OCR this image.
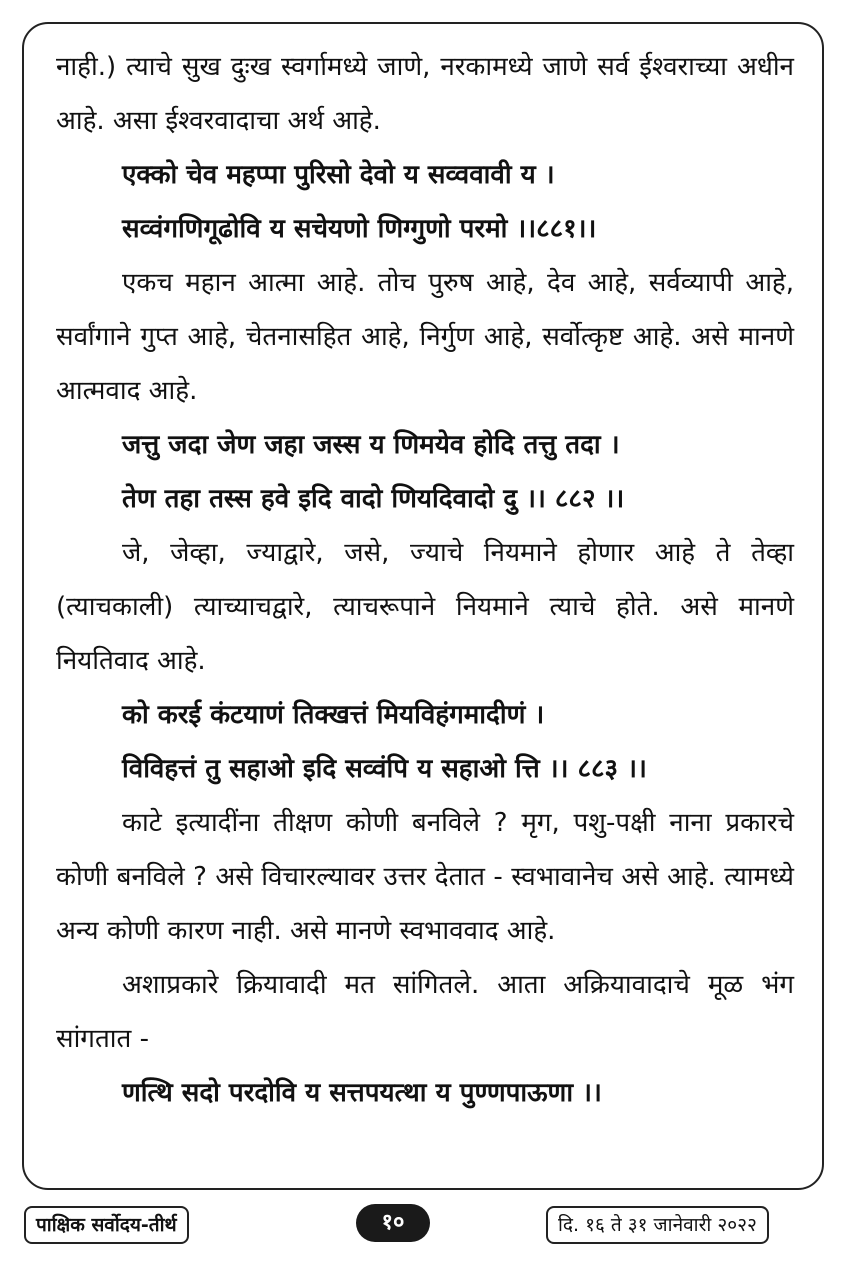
नाही.) त्याचे सुख दुःख स्वर्गामध्ये जाणे, नरकामध्ये जाणे सर्व ईश्वराच्या अधीन आहे. असा ईश्वरवादाचा अर्थ आहे.

एक्को चेव महप्पा पुरिसो देवो य सव्ववावी य ।

सव्वंगणिगूढोवि य सचेयणो णिग्गुणो परमो ।।८८१।।

एकच महान आत्मा आहे. तोच पुरुष आहे, देव आहे, सर्वव्यापी आहे, सर्वांगाने गुप्त आहे, चेतनासहित आहे, निर्गुण आहे, सर्वोत्कृष्ट आहे. असे मानणे आत्मवाद आहे.

जत्तु जदा जेण जहा जस्स य णिमयेव होदि तत्तु तदा ।

तेण तहा तस्स हवे इदि वादो णियदिवादो दु ।। ८८२ ।।

जे, जेव्हा, ज्याद्वारे, जसे, ज्याचे नियमाने होणार आहे ते तेव्हा (त्याचकाली) त्याच्याचद्वारे, त्याचरूपाने नियमाने त्याचे होते. असे मानणे नियतिवाद आहे.

को करई कंटयाणं तिक्खत्तं मियविहंगमादीणं ।

विविहत्तं तु सहाओ इदि सव्वंपि य सहाओ त्ति ।। ८८३ ।।

काटे इत्यादींना तीक्षण कोणी बनविले ? मृग, पशु-पक्षी नाना प्रकारचे कोणी बनविले ? असे विचारल्यावर उत्तर देतात - स्वभावानेच असे आहे. त्यामध्ये अन्य कोणी कारण नाही. असे मानणे स्वभाववाद आहे.

अशाप्रकारे क्रियावादी मत सांगितले. आता अक्रियावादाचे मूळ भंग सांगतात -

णत्थि सदो परदोवि य सत्तपयत्था य पुण्णपाऊणा ।।

पाक्षिक सर्वोदय-तीर्थ	१०	दि. १६ ते ३१ जानेवारी २०२२
